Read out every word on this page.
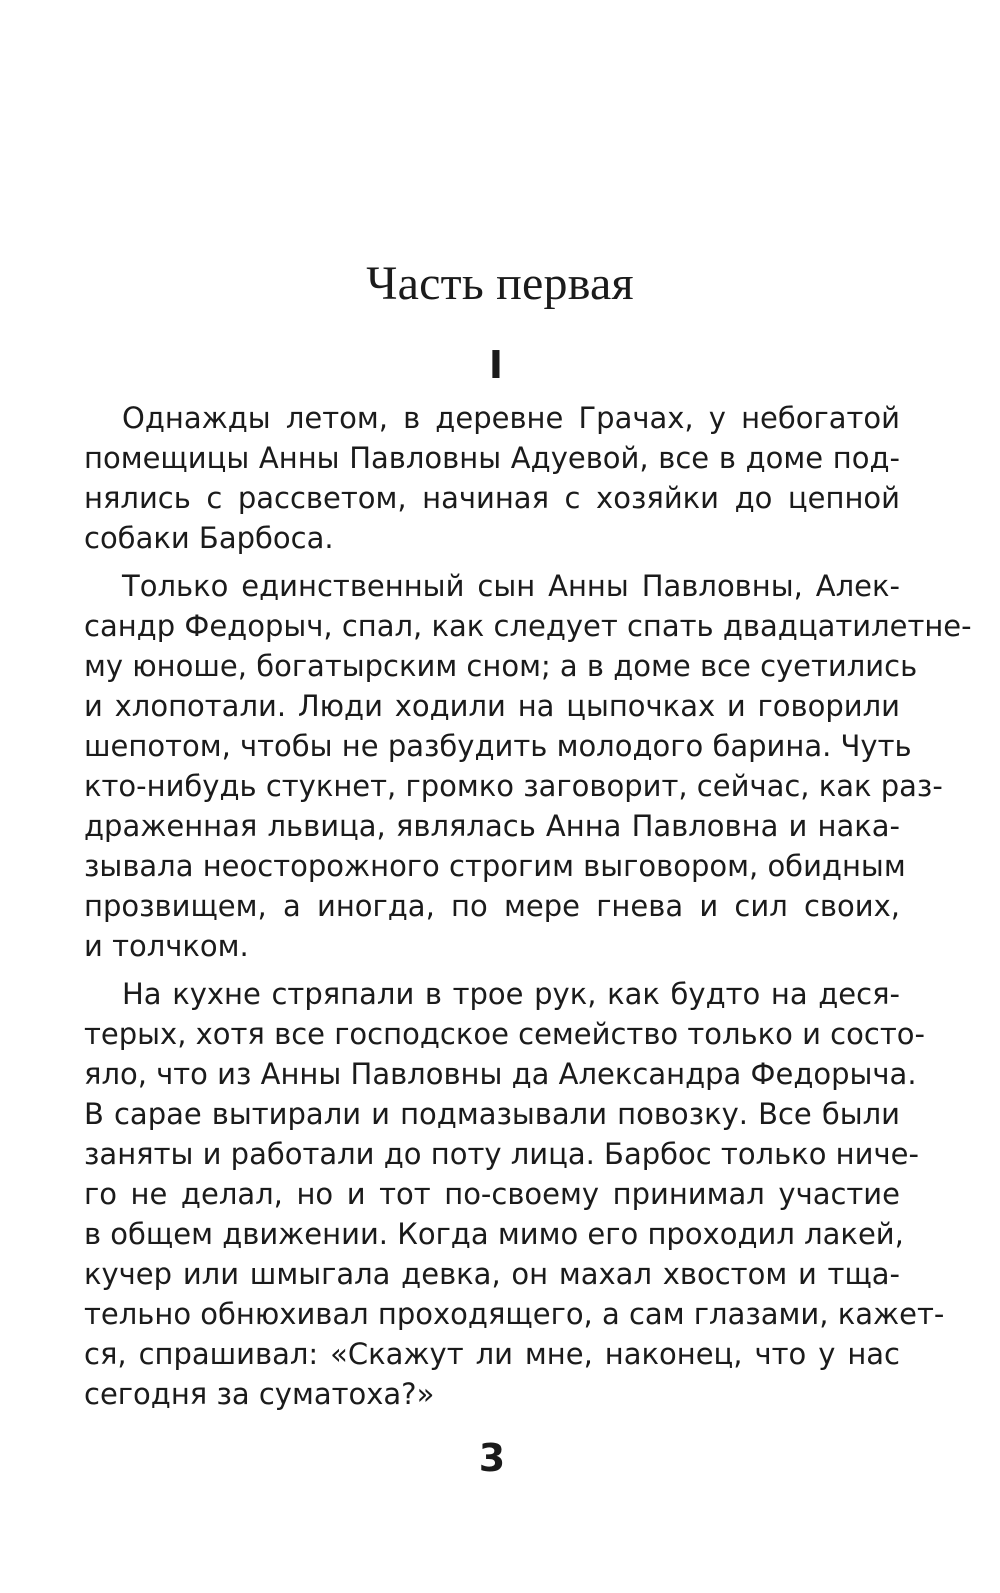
Часть первая
I

Однажды летом, в деревне Грачах, у небогатой
помещицы Анны Павловны Адуевой, все в доме под-
нялись с рассветом, начиная с хозяйки до цепной
собаки Барбоса.

Только единственный сын Анны Павловны, Алек-
сандр Федорыч, спал, как следует спать двадцатилетне-
му юноше, богатырским сном; а в доме все суетились
и хлопотали. Люди ходили на цыпочках и говорили
шепотом, чтобы не разбудить молодого барина. Чуть
кто-нибудь стукнет, громко заговорит, сейчас, как раз-
драженная львица, являлась Анна Павловна и нака-
зывала неосторожного строгим выговором, обидным
прозвищем, а иногда, по мере гнева и сил своих,
и толчком.

На кухне стряпали в трое рук, как будто на деся-
терых, хотя все господское семейство только и состо-
яло, что из Анны Павловны да Александра Федорыча.
В сарае вытирали и подмазывали повозку. Все были
заняты и работали до поту лица. Барбос только ниче-
го не делал, но и тот по-своему принимал участие
в общем движении. Когда мимо его проходил лакей,
кучер или шмыгала девка, он махал хвостом и тща-
тельно обнюхивал проходящего, а сам глазами, кажет-
ся, спрашивал: «Скажут ли мне, наконец, что у нас
сегодня за суматоха?»

3
